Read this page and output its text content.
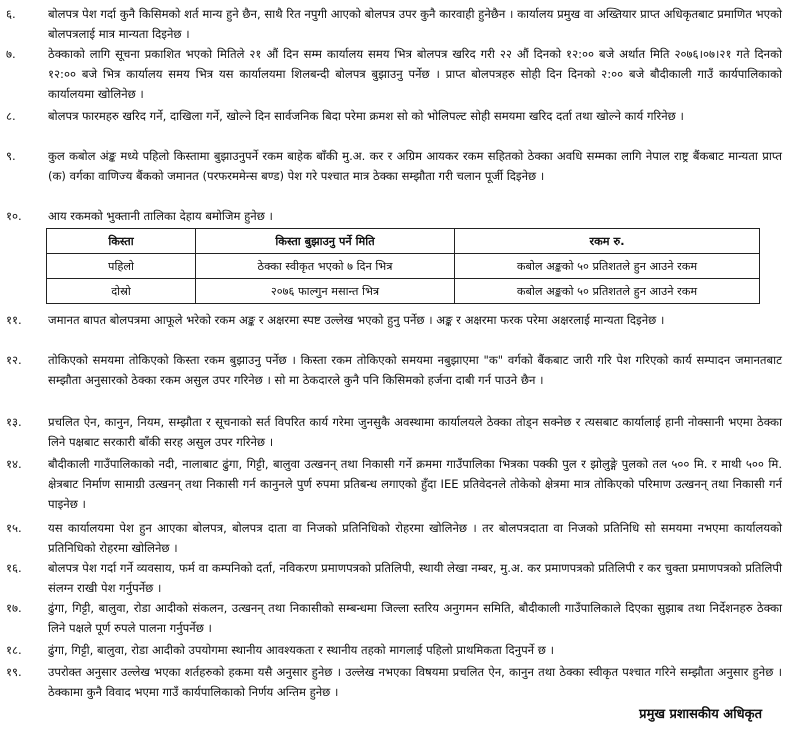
६.	बोलपत्र पेश गर्दा कुनै किसिमको शर्त मान्य हुने छैन, साथै रित नपुगी आएको बोलपत्र उपर कुनै कारवाही हुनेछैन । कार्यालय प्रमुख वा अख्तियार प्राप्त अधिकृतबाट प्रमाणित भएको बोलपत्रलाई मात्र मान्यता दिइनेछ ।
७.	ठेक्काको लागि सूचना प्रकाशित भएको मितिले २१ औं दिन सम्म कार्यालय समय भित्र बोलपत्र खरिद गरी २२ औं दिनको १२:०० बजे अर्थात मिति २०७६।०७।२१ गते दिनको १२:०० बजे भित्र कार्यालय समय भित्र यस कार्यालयमा शिलबन्दी बोलपत्र बुझाउनु पर्नेछ । प्राप्त बोलपत्रहरु सोही दिन दिनको २:०० बजे बौदीकाली गाउँ कार्यपालिकाको कार्यालयमा खोलिनेछ ।
८.	बोलपत्र फारमहरु खरिद गर्ने, दाखिला गर्ने, खोल्ने दिन सार्वजनिक बिदा परेमा क्रमश सो को भोलिपल्ट सोही समयमा खरिद दर्ता तथा खोल्ने कार्य गरिनेछ ।
९.	कुल कबोल अंङ्क मध्ये पहिलो किस्तामा बुझाउनुपर्ने रकम बाहेक बाँकी मु.अ. कर र अग्रिम आयकर रकम सहितको ठेक्का अवधि सम्मका लागि नेपाल राष्ट्र बैंकबाट मान्यता प्राप्त (क) वर्गका वाणिज्य बैंकको जमानत (परफरममेन्स बण्ड) पेश गरे पश्चात मात्र ठेक्का सम्झौता गरी चलान पूर्जी दिइनेछ ।
१०.	आय रकमको भुक्तानी तालिका देहाय बमोजिम हुनेछ ।
किस्ता	किस्ता बुझाउनु पर्ने मिति	रकम रु.
पहिलो	ठेक्का स्वीकृत भएको ७ दिन भित्र	कबोल अङ्कको ५० प्रतिशतले हुन आउने रकम
दोस्रो	२०७६ फाल्गुन मसान्त भित्र	कबोल अङ्कको ५० प्रतिशतले हुन आउने रकम
११.	जमानत बापत बोलपत्रमा आफूले भरेको रकम अङ्क र अक्षरमा स्पष्ट उल्लेख भएको हुनु पर्नेछ । अङ्क र अक्षरमा फरक परेमा अक्षरलाई मान्यता दिइनेछ ।
१२.	तोकिएको समयमा तोकिएको किस्ता रकम बुझाउनु पर्नेछ । किस्ता रकम तोकिएको समयमा नबुझाएमा "क" वर्गको बैंकबाट जारी गरि पेश गरिएको कार्य सम्पादन जमानतबाट सम्झौता अनुसारको ठेक्का रकम असुल उपर गरिनेछ । सो मा ठेकदारले कुनै पनि किसिमको हर्जना दाबी गर्न पाउने छैन ।
१३.	प्रचलित ऐन, कानुन, नियम, सम्झौता र सूचनाको सर्त विपरित कार्य गरेमा जुनसुकै अवस्थामा कार्यालयले ठेक्का तोड्न सक्नेछ र त्यसबाट कार्यालाई हानी नोक्सानी भएमा ठेक्का लिने पक्षबाट सरकारी बाँकी सरह असुल उपर गरिनेछ ।
१४.	बौदीकाली गाउँपालिकाको नदी, नालाबाट ढुंगा, गिट्टी, बालुवा उत्खनन् तथा निकासी गर्ने क्रममा गाउँपालिका भित्रका पक्की पुल र झोलुङ्गे पुलको तल ५०० मि. र माथी ५०० मि. क्षेत्रबाट निर्माण सामाग्री उत्खनन् तथा निकासी गर्न कानुनले पुर्ण रुपमा प्रतिबन्ध लगाएको हुँदा IEE प्रतिवेदनले तोकेको क्षेत्रमा मात्र तोकिएको परिमाण उत्खनन् तथा निकासी गर्न पाइनेछ ।
१५.	यस कार्यालयमा पेश हुन आएका बोलपत्र, बोलपत्र दाता वा निजको प्रतिनिधिको रोहरमा खोलिनेछ । तर बोलपत्रदाता वा निजको प्रतिनिधि सो समयमा नभएमा कार्यालयको प्रतिनिधिको रोहरमा खोलिनेछ ।
१६.	बोलपत्र पेश गर्दा गर्ने व्यवसाय, फर्म वा कम्पनिको दर्ता, नविकरण प्रमाणपत्रको प्रतिलिपी, स्थायी लेखा नम्बर, मु.अ. कर प्रमाणपत्रको प्रतिलिपी र कर चुक्ता प्रमाणपत्रको प्रतिलिपी संलग्न राखी पेश गर्नुपर्नेछ ।
१७.	ढुंगा, गिट्टी, बालुवा, रोडा आदीको संकलन, उत्खनन् तथा निकासीको सम्बन्धमा जिल्ला स्तरिय अनुगमन समिति, बौदीकाली गाउँपालिकाले दिएका सुझाब तथा निर्देशनहरु ठेक्का लिने पक्षले पूर्ण रुपले पालना गर्नुपर्नेछ ।
१८.	ढुंगा, गिट्टी, बालुवा, रोडा आदीको उपयोगमा स्थानीय आवश्यकता र स्थानीय तहको मागलाई पहिलो प्राथमिकता दिनुपर्ने छ ।
१९.	उपरोक्त अनुसार उल्लेख भएका शर्तहरुको हकमा यसै अनुसार हुनेछ । उल्लेख नभएका विषयमा प्रचलित ऐन, कानुन तथा ठेक्का स्वीकृत पश्चात गरिने सम्झौता अनुसार हुनेछ । ठेक्कामा कुनै विवाद भएमा गाउँ कार्यपालिकाको निर्णय अन्तिम हुनेछ ।
प्रमुख प्रशासकीय अधिकृत
